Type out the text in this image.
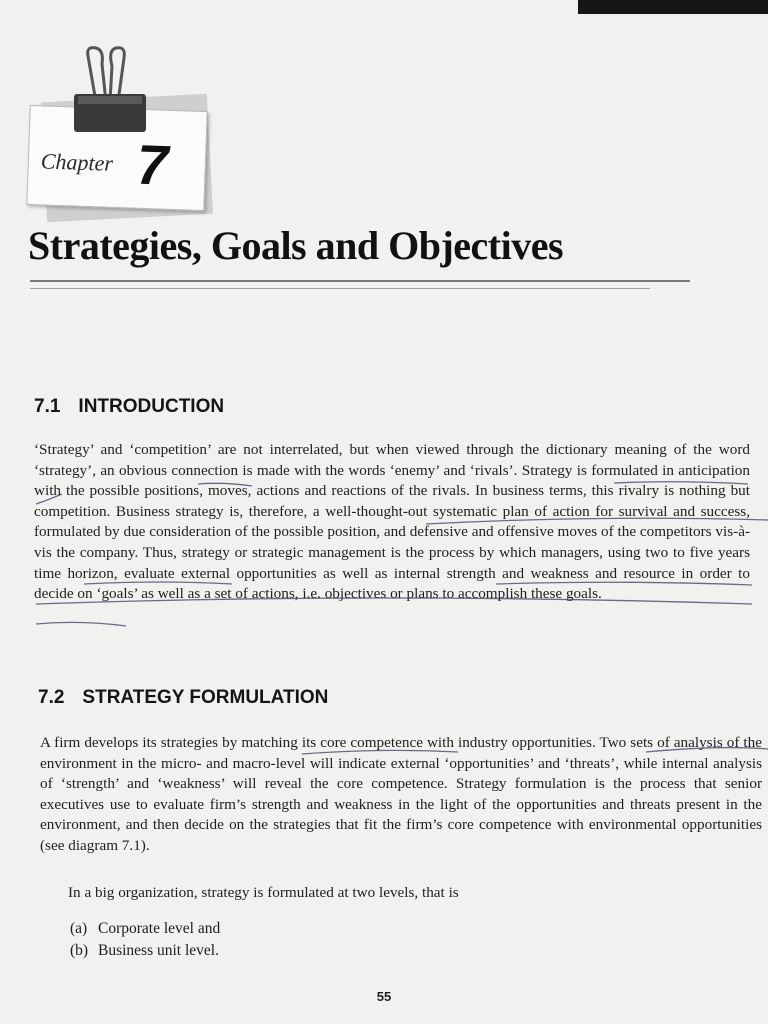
Chapter 7
Strategies, Goals and Objectives
7.1 INTRODUCTION

‘Strategy’ and ‘competition’ are not interrelated, but when viewed through the dictionary meaning of the word ‘strategy’, an obvious connection is made with the words ‘enemy’ and ‘rivals’. Strategy is formulated in anticipation with the possible positions, moves, actions and reactions of the rivals. In business terms, this rivalry is nothing but competition. Business strategy is, therefore, a well-thought-out systematic plan of action for survival and success, formulated by due consideration of the possible position, and defensive and offensive moves of the competitors vis-à-vis the company. Thus, strategy or strategic management is the process by which managers, using two to five years time horizon, evaluate external opportunities as well as internal strength and weakness and resource in order to decide on ‘goals’ as well as a set of actions, i.e. objectives or plans to accomplish these goals.

7.2 STRATEGY FORMULATION

A firm develops its strategies by matching its core competence with industry opportunities. Two sets of analysis of the environment in the micro- and macro-level will indicate external ‘opportunities’ and ‘threats’, while internal analysis of ‘strength’ and ‘weakness’ will reveal the core competence. Strategy formulation is the process that senior executives use to evaluate firm’s strength and weakness in the light of the opportunities and threats present in the environment, and then decide on the strategies that fit the firm’s core competence with environmental opportunities (see diagram 7.1).

In a big organization, strategy is formulated at two levels, that is

(a) Corporate level and
(b) Business unit level.
55
